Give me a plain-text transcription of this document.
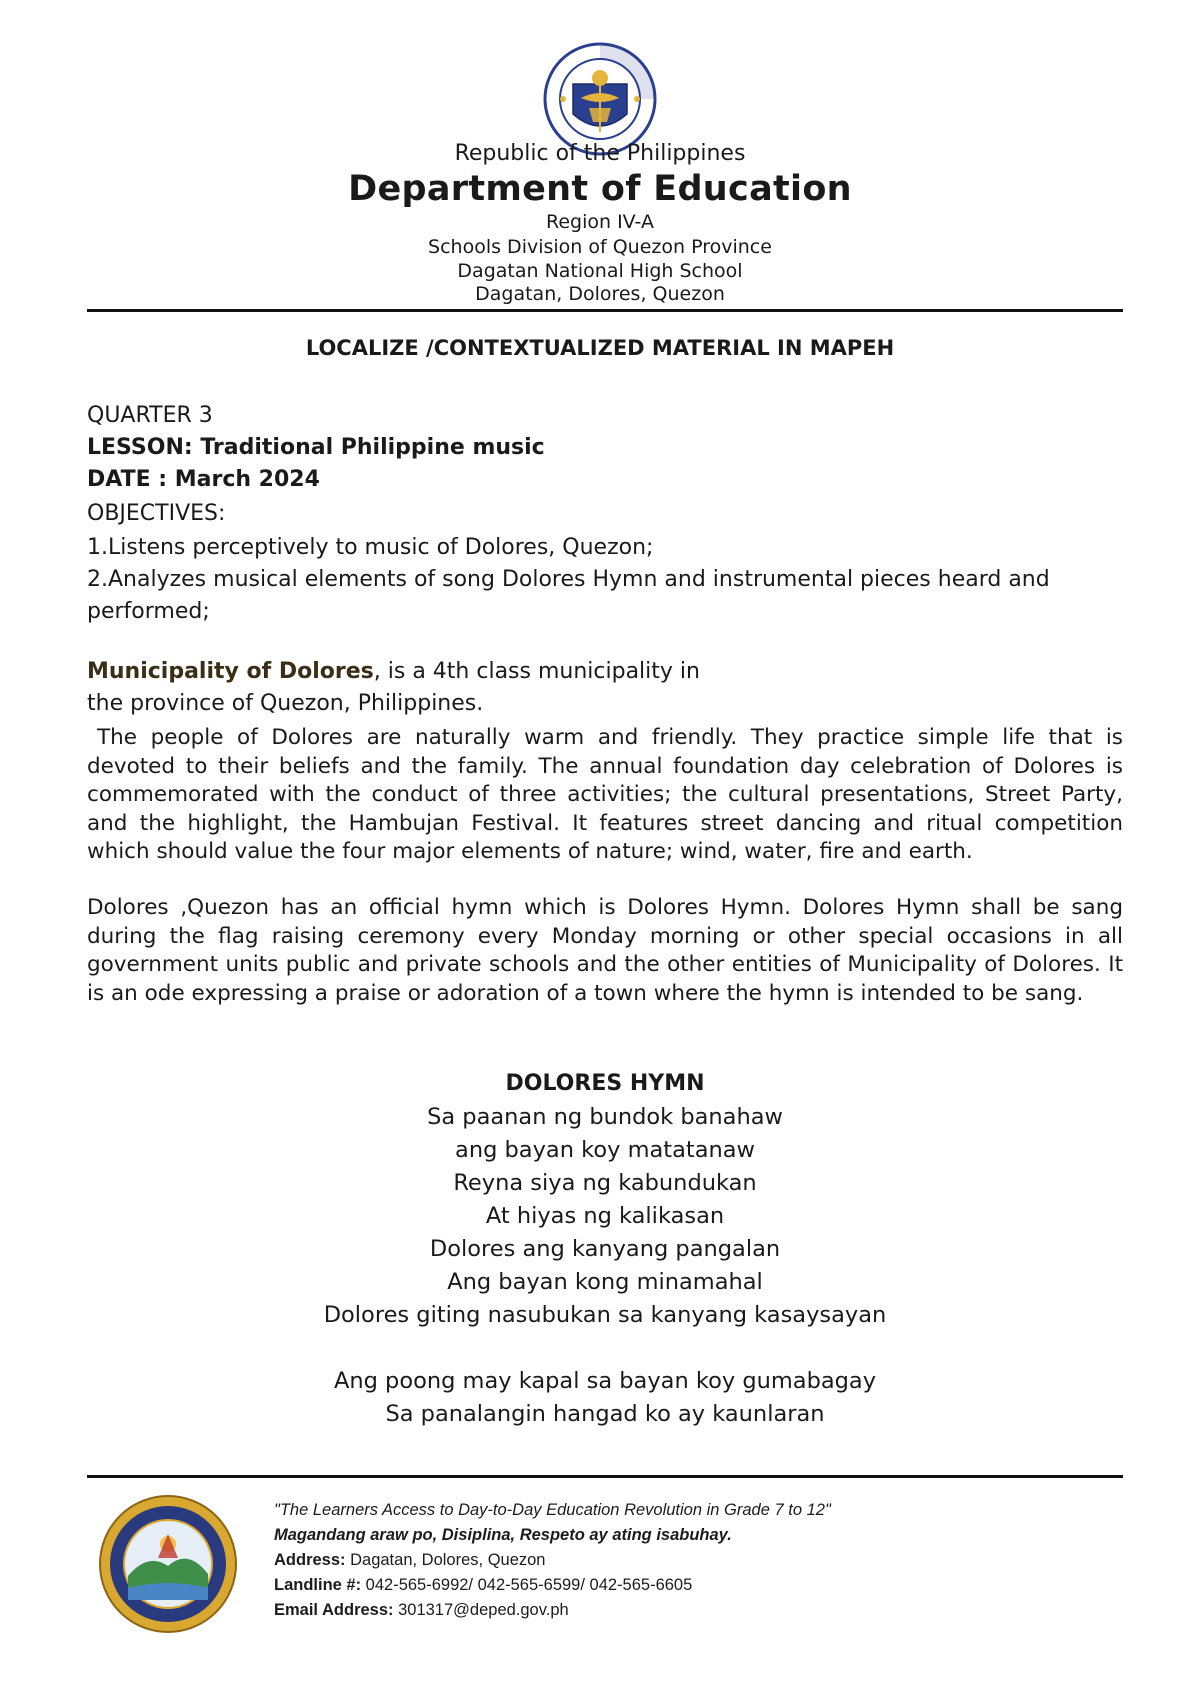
Republic of the Philippines
Department of Education
Region IV-A
Schools Division of Quezon Province
Dagatan National High School
Dagatan, Dolores, Quezon
LOCALIZE /CONTEXTUALIZED MATERIAL IN MAPEH
QUARTER 3
LESSON: Traditional Philippine music
DATE : March 2024
OBJECTIVES:
1.Listens perceptively to music of Dolores, Quezon;
2.Analyzes musical elements of song Dolores Hymn and instrumental pieces heard and performed;
Municipality of Dolores, is a 4th class municipality in
the province of Quezon, Philippines.

The people of Dolores are naturally warm and friendly. They practice simple life that is devoted to their beliefs and the family. The annual foundation day celebration of Dolores is commemorated with the conduct of three activities; the cultural presentations, Street Party, and the highlight, the Hambujan Festival. It features street dancing and ritual competition which should value the four major elements of nature; wind, water, fire and earth.

Dolores ,Quezon has an official hymn which is Dolores Hymn. Dolores Hymn shall be sang during the flag raising ceremony every Monday morning or other special occasions in all government units public and private schools and the other entities of Municipality of Dolores. It is an ode expressing a praise or adoration of a town where the hymn is intended to be sang.

DOLORES HYMN
Sa paanan ng bundok banahaw
ang bayan koy matatanaw
Reyna siya ng kabundukan
At hiyas ng kalikasan
Dolores ang kanyang pangalan
Ang bayan kong minamahal
Dolores giting nasubukan sa kanyang kasaysayan
Ang poong may kapal sa bayan koy gumabagay
Sa panalangin hangad ko ay kaunlaran
"The Learners Access to Day-to-Day Education Revolution in Grade 7 to 12"
Magandang araw po, Disiplina, Respeto ay ating isabuhay.
Address: Dagatan, Dolores, Quezon
Landline #: 042-565-6992/ 042-565-6599/ 042-565-6605
Email Address: 301317@deped.gov.ph
